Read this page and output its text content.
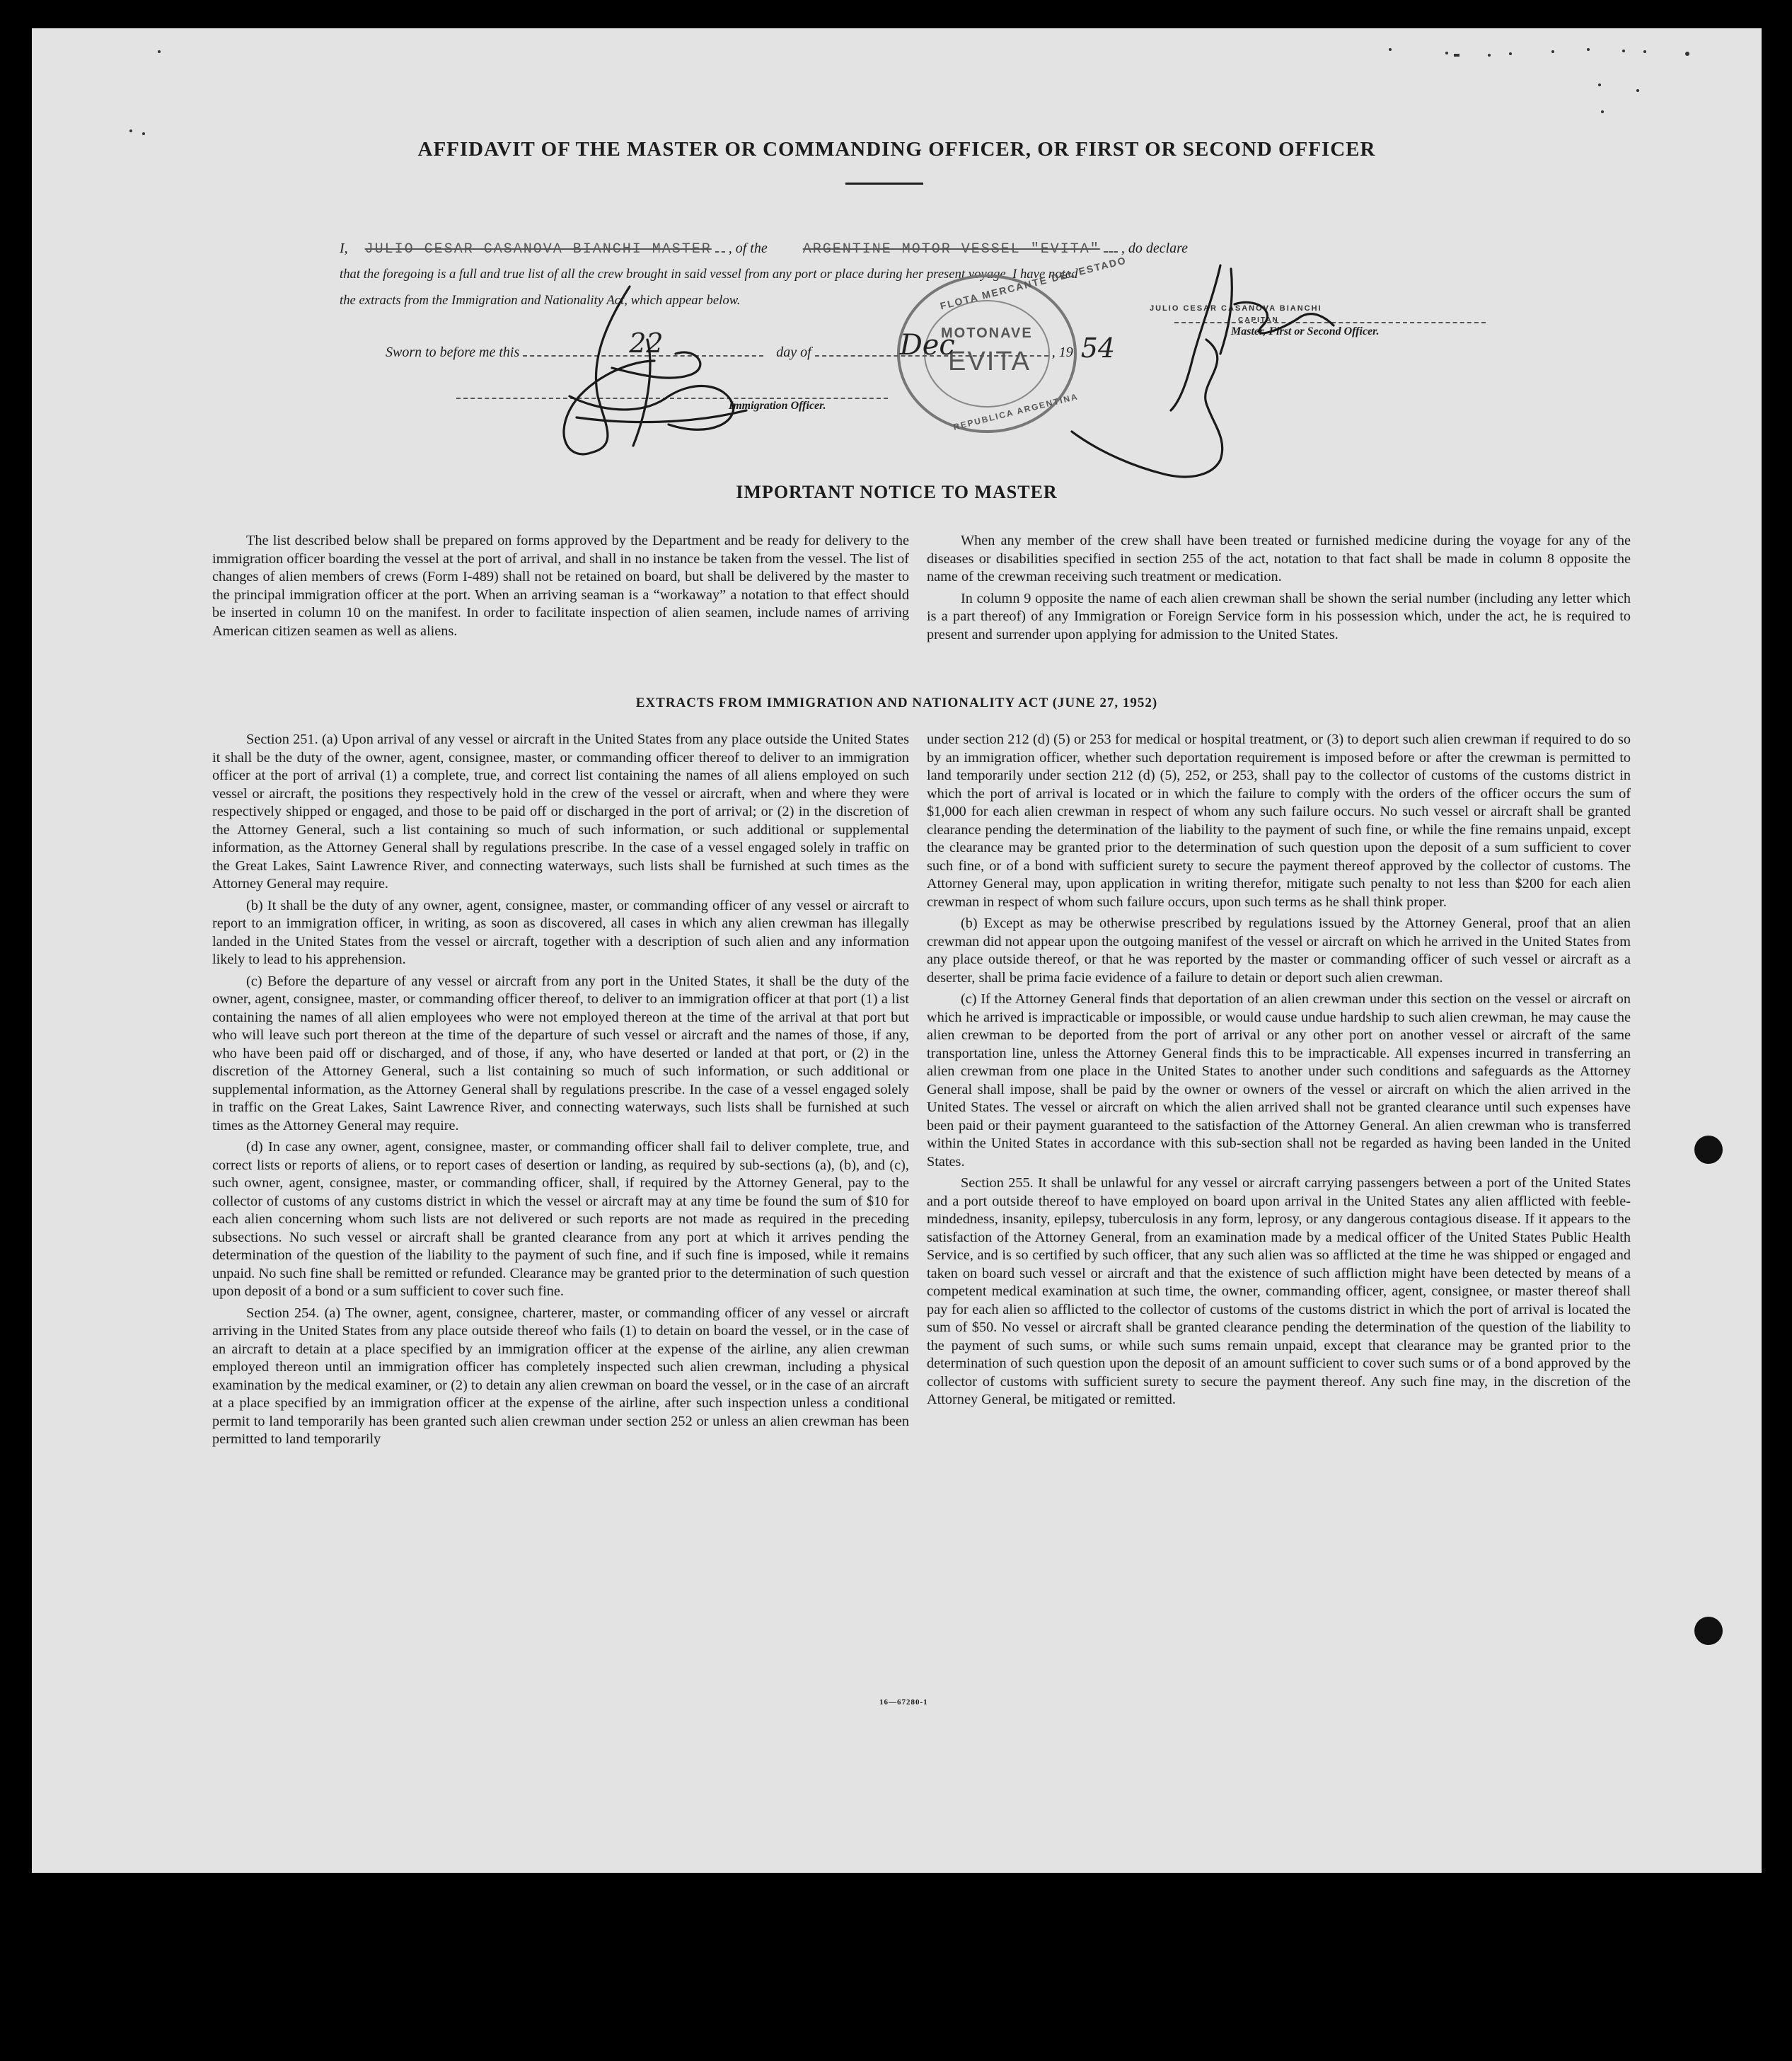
AFFIDAVIT OF THE MASTER OR COMMANDING OFFICER, OR FIRST OR SECOND OFFICER
I, JULIO CESAR CASANOVA BIANCHI MASTER , of the	ARGENTINE MOTOR VESSEL "EVITA" , do declare
that the foregoing is a full and true list of all the crew brought in said vessel from any port or place during her present voyage. I have noted
the extracts from the Immigration and Nationality Act, which appear below.	FLOTA MERCANTE DEL ESTADO
MOTONAVE
EVITA
REPUBLICA ARGENTINA
JULIO CESAR CASANOVA BIANCHI
CAPITAN
Master, First or Second Officer.
Sworn to before me this	22	day of	Dec	, 19 54
Immigration Officer.
IMPORTANT NOTICE TO MASTER

The list described below shall be prepared on forms approved by the Department and be ready for delivery to the immigration officer boarding the vessel at the port of arrival, and shall in no instance be taken from the vessel. The list of changes of alien members of crews (Form I-489) shall not be retained on board, but shall be delivered by the master to the principal immigration officer at the port. When an arriving seaman is a “workaway” a notation to that effect should be inserted in column 10 on the manifest. In order to facilitate inspection of alien seamen, include names of arriving American citizen seamen as well as aliens.

When any member of the crew shall have been treated or furnished medicine during the voyage for any of the diseases or disabilities specified in section 255 of the act, notation to that fact shall be made in column 8 opposite the name of the crewman receiving such treatment or medication.

In column 9 opposite the name of each alien crewman shall be shown the serial number (including any letter which is a part thereof) of any Immigration or Foreign Service form in his possession which, under the act, he is required to present and surrender upon applying for admission to the United States.

EXTRACTS FROM IMMIGRATION AND NATIONALITY ACT (JUNE 27, 1952)

Section 251. (a) Upon arrival of any vessel or aircraft in the United States from any place outside the United States it shall be the duty of the owner, agent, consignee, master, or commanding officer thereof to deliver to an immigration officer at the port of arrival (1) a complete, true, and correct list containing the names of all aliens employed on such vessel or aircraft, the positions they respectively hold in the crew of the vessel or aircraft, when and where they were respectively shipped or engaged, and those to be paid off or discharged in the port of arrival; or (2) in the discretion of the Attorney General, such a list containing so much of such information, or such additional or supplemental information, as the Attorney General shall by regulations prescribe. In the case of a vessel engaged solely in traffic on the Great Lakes, Saint Lawrence River, and connecting waterways, such lists shall be furnished at such times as the Attorney General may require.

(b) It shall be the duty of any owner, agent, consignee, master, or commanding officer of any vessel or aircraft to report to an immigration officer, in writing, as soon as discovered, all cases in which any alien crewman has illegally landed in the United States from the vessel or aircraft, together with a description of such alien and any information likely to lead to his apprehension.

(c) Before the departure of any vessel or aircraft from any port in the United States, it shall be the duty of the owner, agent, consignee, master, or commanding officer thereof, to deliver to an immigration officer at that port (1) a list containing the names of all alien employees who were not employed thereon at the time of the arrival at that port but who will leave such port thereon at the time of the departure of such vessel or aircraft and the names of those, if any, who have been paid off or discharged, and of those, if any, who have deserted or landed at that port, or (2) in the discretion of the Attorney General, such a list containing so much of such information, or such additional or supplemental information, as the Attorney General shall by regulations prescribe. In the case of a vessel engaged solely in traffic on the Great Lakes, Saint Lawrence River, and connecting waterways, such lists shall be furnished at such times as the Attorney General may require.

(d) In case any owner, agent, consignee, master, or commanding officer shall fail to deliver complete, true, and correct lists or reports of aliens, or to report cases of desertion or landing, as required by sub-sections (a), (b), and (c), such owner, agent, consignee, master, or commanding officer, shall, if required by the Attorney General, pay to the collector of customs of any customs district in which the vessel or aircraft may at any time be found the sum of $10 for each alien concerning whom such lists are not delivered or such reports are not made as required in the preceding subsections. No such vessel or aircraft shall be granted clearance from any port at which it arrives pending the determination of the question of the liability to the payment of such fine, and if such fine is imposed, while it remains unpaid. No such fine shall be remitted or refunded. Clearance may be granted prior to the determination of such question upon deposit of a bond or a sum sufficient to cover such fine.

Section 254. (a) The owner, agent, consignee, charterer, master, or commanding officer of any vessel or aircraft arriving in the United States from any place outside thereof who fails (1) to detain on board the vessel, or in the case of an aircraft to detain at a place specified by an immigration officer at the expense of the airline, any alien crewman employed thereon until an immigration officer has completely inspected such alien crewman, including a physical examination by the medical examiner, or (2) to detain any alien crewman on board the vessel, or in the case of an aircraft at a place specified by an immigration officer at the expense of the airline, after such inspection unless a conditional permit to land temporarily has been granted such alien crewman under section 252 or unless an alien crewman has been permitted to land temporarily

under section 212 (d) (5) or 253 for medical or hospital treatment, or (3) to deport such alien crewman if required to do so by an immigration officer, whether such deportation requirement is imposed before or after the crewman is permitted to land temporarily under section 212 (d) (5), 252, or 253, shall pay to the collector of customs of the customs district in which the port of arrival is located or in which the failure to comply with the orders of the officer occurs the sum of $1,000 for each alien crewman in respect of whom any such failure occurs. No such vessel or aircraft shall be granted clearance pending the determination of the liability to the payment of such fine, or while the fine remains unpaid, except the clearance may be granted prior to the determination of such question upon the deposit of a sum sufficient to cover such fine, or of a bond with sufficient surety to secure the payment thereof approved by the collector of customs. The Attorney General may, upon application in writing therefor, mitigate such penalty to not less than $200 for each alien crewman in respect of whom such failure occurs, upon such terms as he shall think proper.

(b) Except as may be otherwise prescribed by regulations issued by the Attorney General, proof that an alien crewman did not appear upon the outgoing manifest of the vessel or aircraft on which he arrived in the United States from any place outside thereof, or that he was reported by the master or commanding officer of such vessel or aircraft as a deserter, shall be prima facie evidence of a failure to detain or deport such alien crewman.

(c) If the Attorney General finds that deportation of an alien crewman under this section on the vessel or aircraft on which he arrived is impracticable or impossible, or would cause undue hardship to such alien crewman, he may cause the alien crewman to be deported from the port of arrival or any other port on another vessel or aircraft of the same transportation line, unless the Attorney General finds this to be impracticable. All expenses incurred in transferring an alien crewman from one place in the United States to another under such conditions and safeguards as the Attorney General shall impose, shall be paid by the owner or owners of the vessel or aircraft on which the alien arrived in the United States. The vessel or aircraft on which the alien arrived shall not be granted clearance until such expenses have been paid or their payment guaranteed to the satisfaction of the Attorney General. An alien crewman who is transferred within the United States in accordance with this sub-section shall not be regarded as having been landed in the United States.

Section 255. It shall be unlawful for any vessel or aircraft carrying passengers between a port of the United States and a port outside thereof to have employed on board upon arrival in the United States any alien afflicted with feeble-mindedness, insanity, epilepsy, tuberculosis in any form, leprosy, or any dangerous contagious disease. If it appears to the satisfaction of the Attorney General, from an examination made by a medical officer of the United States Public Health Service, and is so certified by such officer, that any such alien was so afflicted at the time he was shipped or engaged and taken on board such vessel or aircraft and that the existence of such affliction might have been detected by means of a competent medical examination at such time, the owner, commanding officer, agent, consignee, or master thereof shall pay for each alien so afflicted to the collector of customs of the customs district in which the port of arrival is located the sum of $50. No vessel or aircraft shall be granted clearance pending the determination of the question of the liability to the payment of such sums, or while such sums remain unpaid, except that clearance may be granted prior to the determination of such question upon the deposit of an amount sufficient to cover such sums or of a bond approved by the collector of customs with sufficient surety to secure the payment thereof. Any such fine may, in the discretion of the Attorney General, be mitigated or remitted.

16—67280-1
